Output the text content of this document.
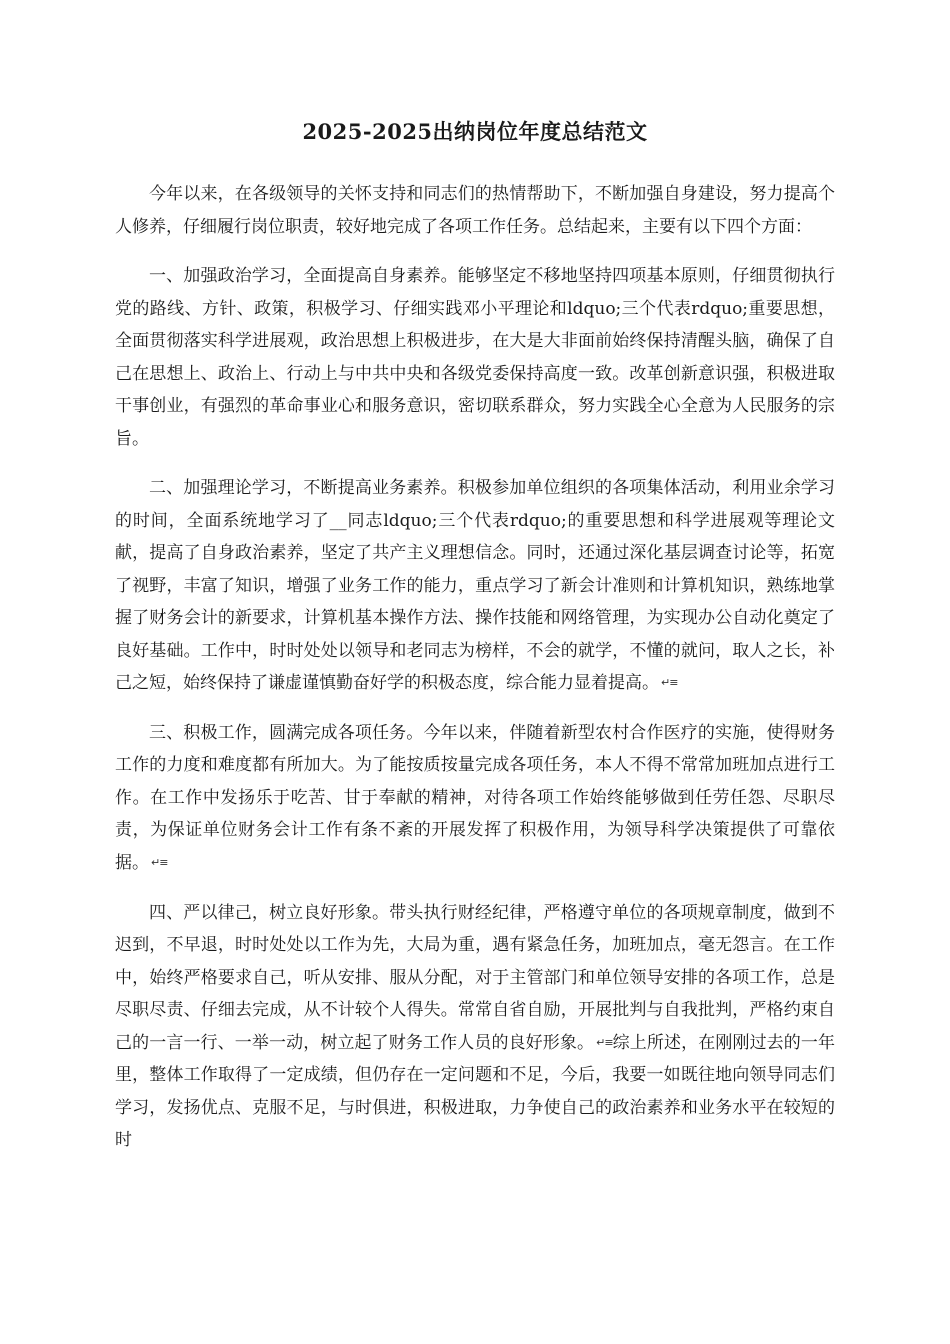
2025-2025出纳岗位年度总结范文

今年以来，在各级领导的关怀支持和同志们的热情帮助下，不断加强自身建设，努力提高个人修养，仔细履行岗位职责，较好地完成了各项工作任务。总结起来，主要有以下四个方面：

一、加强政治学习，全面提高自身素养。能够坚定不移地坚持四项基本原则，仔细贯彻执行党的路线、方针、政策，积极学习、仔细实践邓小平理论和ldquo;三个代表rdquo;重要思想，全面贯彻落实科学进展观，政治思想上积极进步，在大是大非面前始终保持清醒头脑，确保了自己在思想上、政治上、行动上与中共中央和各级党委保持高度一致。改革创新意识强，积极进取干事创业，有强烈的革命事业心和服务意识，密切联系群众，努力实践全心全意为人民服务的宗旨。

二、加强理论学习，不断提高业务素养。积极参加单位组织的各项集体活动，利用业余学习的时间，全面系统地学习了__同志ldquo;三个代表rdquo;的重要思想和科学进展观等理论文献，提高了自身政治素养，坚定了共产主义理想信念。同时，还通过深化基层调查讨论等，拓宽了视野，丰富了知识，增强了业务工作的能力，重点学习了新会计准则和计算机知识，熟练地掌握了财务会计的新要求，计算机基本操作方法、操作技能和网络管理，为实现办公自动化奠定了良好基础。工作中，时时处处以领导和老同志为榜样，不会的就学，不懂的就问，取人之长，补己之短，始终保持了谦虚谨慎勤奋好学的积极态度，综合能力显着提高。 ↵≡

三、积极工作，圆满完成各项任务。今年以来，伴随着新型农村合作医疗的实施，使得财务工作的力度和难度都有所加大。为了能按质按量完成各项任务，本人不得不常常加班加点进行工作。在工作中发扬乐于吃苦、甘于奉献的精神，对待各项工作始终能够做到任劳任怨、尽职尽责，为保证单位财务会计工作有条不紊的开展发挥了积极作用，为领导科学决策提供了可靠依据。 ↵≡

四、严以律己，树立良好形象。带头执行财经纪律，严格遵守单位的各项规章制度，做到不迟到，不早退，时时处处以工作为先，大局为重，遇有紧急任务，加班加点，毫无怨言。在工作中，始终严格要求自己，听从安排、服从分配，对于主管部门和单位领导安排的各项工作，总是尽职尽责、仔细去完成，从不计较个人得失。常常自省自励，开展批判与自我批判，严格约束自己的一言一行、一举一动，树立起了财务工作人员的良好形象。 ↵≡综上所述，在刚刚过去的一年里，整体工作取得了一定成绩，但仍存在一定问题和不足，今后，我要一如既往地向领导同志们学习，发扬优点、克服不足，与时俱进，积极进取，力争使自己的政治素养和业务水平在较短的时
